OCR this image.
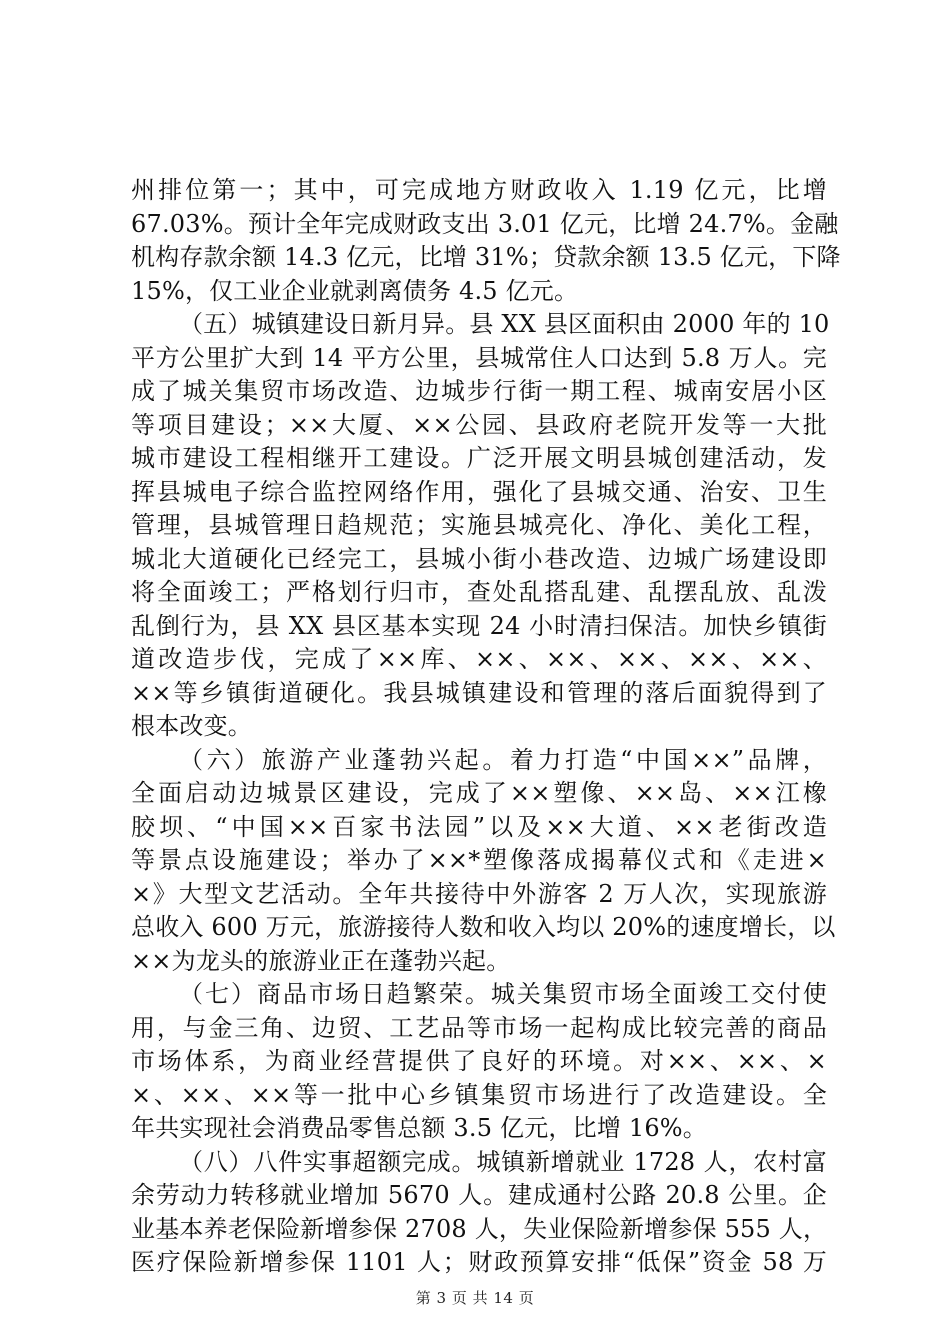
州排位第一；其中，可完成地方财政收入 1.19 亿元，比增
67.03%。预计全年完成财政支出 3.01 亿元，比增 24.7%。金融
机构存款余额 14.3 亿元，比增 31%；贷款余额 13.5 亿元，下降
15%，仅工业企业就剥离债务 4.5 亿元。
（五）城镇建设日新月异。县 XX 县区面积由 2000 年的 10
平方公里扩大到 14 平方公里，县城常住人口达到 5.8 万人。完
成了城关集贸市场改造、边城步行街一期工程、城南安居小区
等项目建设；××大厦、××公园、县政府老院开发等一大批
城市建设工程相继开工建设。广泛开展文明县城创建活动，发
挥县城电子综合监控网络作用，强化了县城交通、治安、卫生
管理，县城管理日趋规范；实施县城亮化、净化、美化工程，
城北大道硬化已经完工，县城小街小巷改造、边城广场建设即
将全面竣工；严格划行归市，查处乱搭乱建、乱摆乱放、乱泼
乱倒行为，县 XX 县区基本实现 24 小时清扫保洁。加快乡镇街
道改造步伐，完成了××库、××、××、××、××、××、
××等乡镇街道硬化。我县城镇建设和管理的落后面貌得到了
根本改变。
（六）旅游产业蓬勃兴起。着力打造“中国××”品牌，
全面启动边城景区建设，完成了××塑像、××岛、××江橡
胶坝、“中国××百家书法园”以及××大道、××老街改造
等景点设施建设；举办了××*塑像落成揭幕仪式和《走进×
×》大型文艺活动。全年共接待中外游客 2 万人次，实现旅游
总收入 600 万元，旅游接待人数和收入均以 20%的速度增长，以
××为龙头的旅游业正在蓬勃兴起。
（七）商品市场日趋繁荣。城关集贸市场全面竣工交付使
用，与金三角、边贸、工艺品等市场一起构成比较完善的商品
市场体系，为商业经营提供了良好的环境。对××、××、×
×、××、××等一批中心乡镇集贸市场进行了改造建设。全
年共实现社会消费品零售总额 3.5 亿元，比增 16%。
（八）八件实事超额完成。城镇新增就业 1728 人，农村富
余劳动力转移就业增加 5670 人。建成通村公路 20.8 公里。企
业基本养老保险新增参保 2708 人，失业保险新增参保 555 人，
医疗保险新增参保 1101 人；财政预算安排“低保”资金 58 万
第 3 页 共 14 页
